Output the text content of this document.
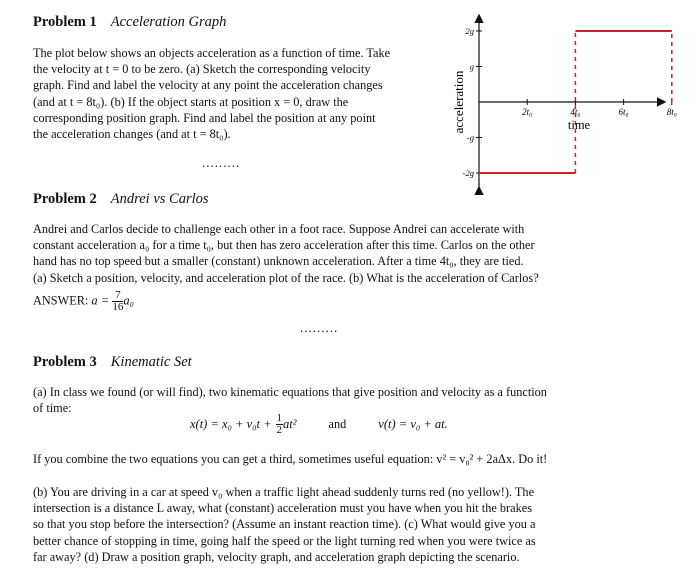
Problem 1 Acceleration Graph
The plot below shows an objects acceleration as a function of time. Take
the velocity at t = 0 to be zero. (a) Sketch the corresponding velocity
graph. Find and label the velocity at any point the acceleration changes
(and at t = 8t₀). (b) If the object starts at position x = 0, draw the
corresponding position graph. Find and label the position at any point
the acceleration changes (and at t = 8t₀).
.........
2t₀	4t₀	6t₀	8t₀
2g
g
-g
-2g
acceleration	time
Problem 2 Andrei vs Carlos
Andrei and Carlos decide to challenge each other in a foot race. Suppose Andrei can accelerate with
constant acceleration a₀ for a time t₀, but then has zero acceleration after this time. Carlos on the other
hand has no top speed but a smaller (constant) unknown acceleration. After a time 4t₀, they are tied.
(a) Sketch a position, velocity, and acceleration plot of the race. (b) What is the acceleration of Carlos?
ANSWER: $a = \frac{7}{16} a_0$
.........
Problem 3 Kinematic Set
(a) In class we found (or will find), two kinematic equations that give position and velocity as a function
of time:
$x(t) = x_0 + v_0t + \frac{1}{2} at^2$	and	v(t) = v₀ + at.
If you combine the two equations you can get a third, sometimes useful equation: v² = v₀² + 2aΔx. Do it!
(b) You are driving in a car at speed v₀ when a traffic light ahead suddenly turns red (no yellow!). The
intersection is a distance L away, what (constant) acceleration must you have when you hit the brakes
so that you stop before the intersection? (Assume an instant reaction time). (c) What would give you a
better chance of stopping in time, going half the speed or the light turning red when you were twice as
far away? (d) Draw a position graph, velocity graph, and acceleration graph depicting the scenario.
